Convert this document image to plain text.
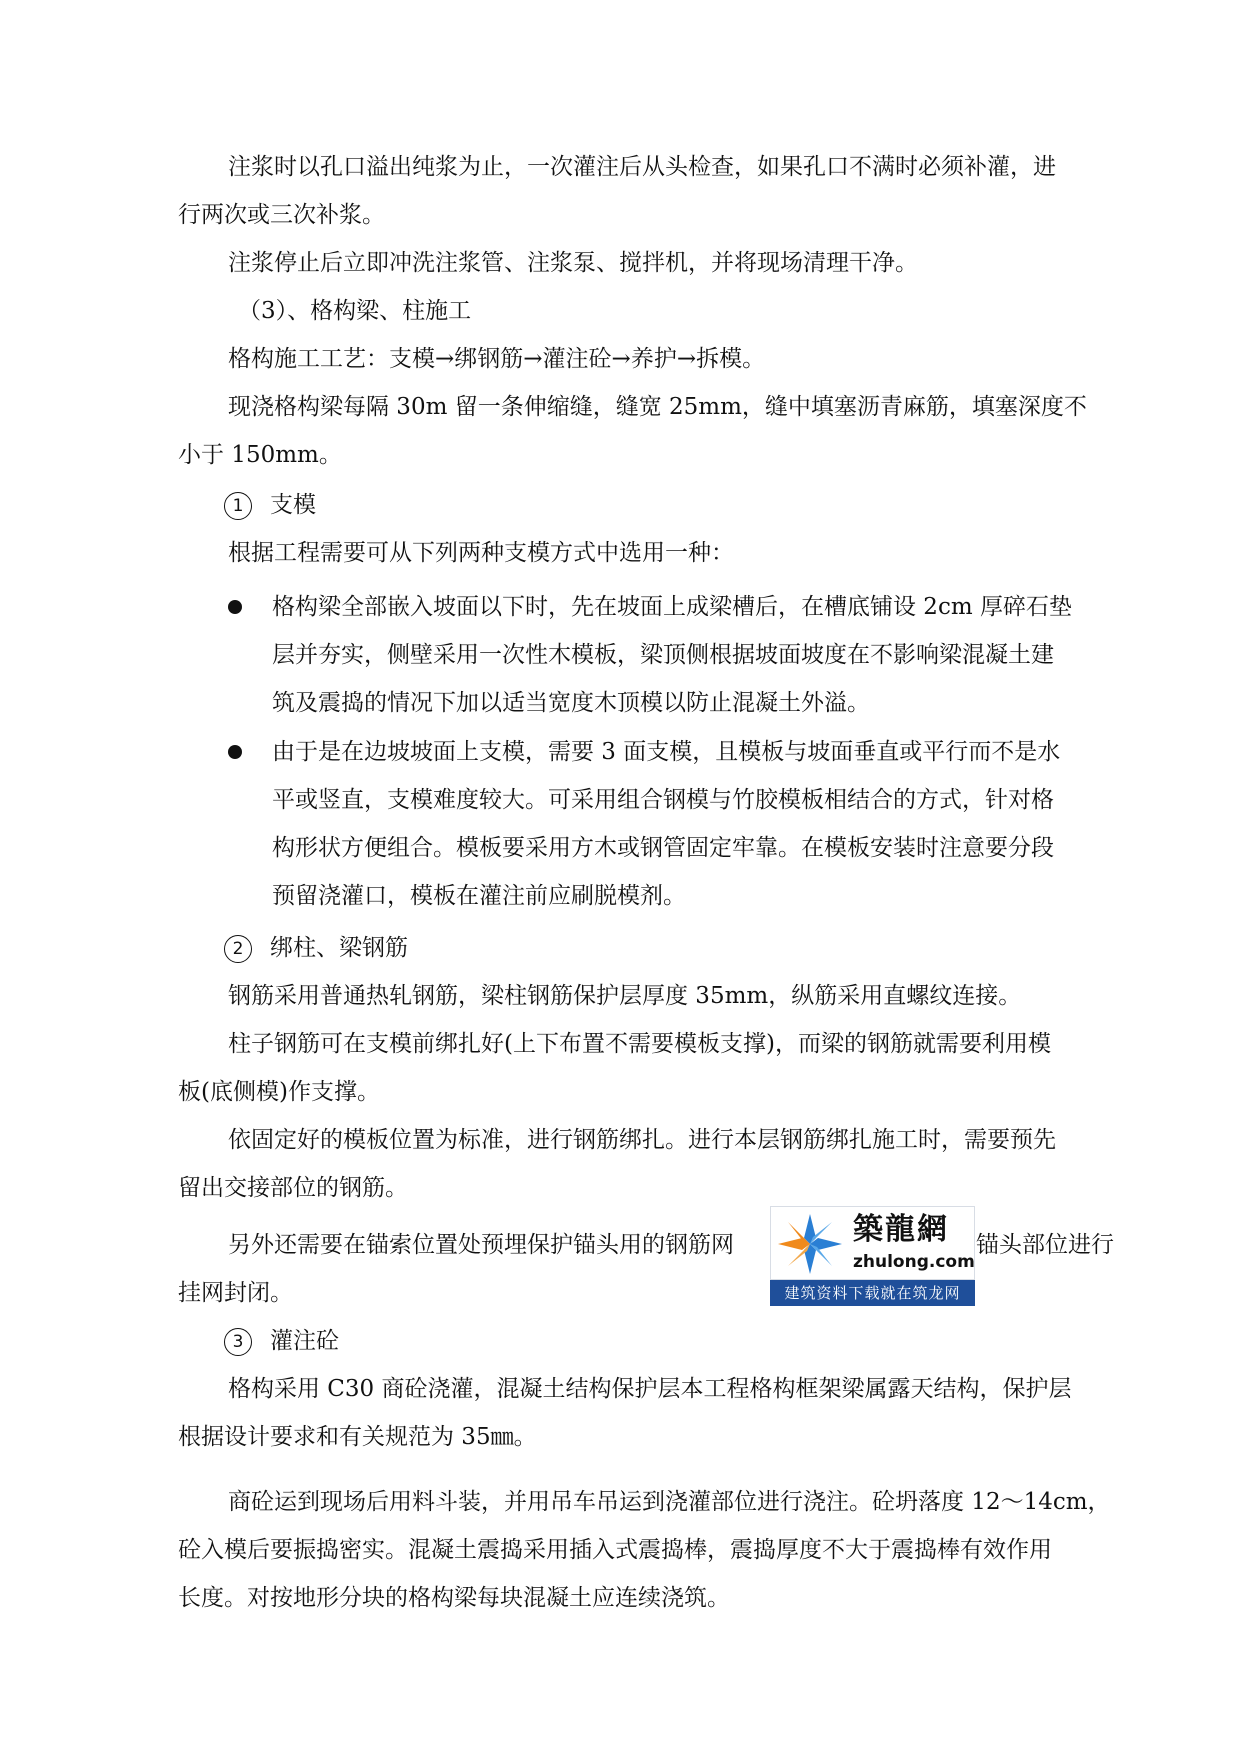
注浆时以孔口溢出纯浆为止，一次灌注后从头检查，如果孔口不满时必须补灌，进
行两次或三次补浆。
注浆停止后立即冲洗注浆管、注浆泵、搅拌机，并将现场清理干净。
（3）、格构梁、柱施工
格构施工工艺：支模→绑钢筋→灌注砼→养护→拆模。
现浇格构梁每隔 30m 留一条伸缩缝，缝宽 25mm，缝中填塞沥青麻筋，填塞深度不
小于 150mm。
1	支模
根据工程需要可从下列两种支模方式中选用一种：
格构梁全部嵌入坡面以下时，先在坡面上成梁槽后，在槽底铺设 2cm 厚碎石垫
层并夯实，侧壁采用一次性木模板，梁顶侧根据坡面坡度在不影响梁混凝土建
筑及震捣的情况下加以适当宽度木顶模以防止混凝土外溢。
由于是在边坡坡面上支模，需要 3 面支模，且模板与坡面垂直或平行而不是水
平或竖直，支模难度较大。可采用组合钢模与竹胶模板相结合的方式，针对格
构形状方便组合。模板要采用方木或钢管固定牢靠。在模板安装时注意要分段
预留浇灌口，模板在灌注前应刷脱模剂。
2	绑柱、梁钢筋
钢筋采用普通热轧钢筋，梁柱钢筋保护层厚度 35mm，纵筋采用直螺纹连接。
柱子钢筋可在支模前绑扎好(上下布置不需要模板支撑)，而梁的钢筋就需要利用模
板(底侧模)作支撑。
依固定好的模板位置为标准，进行钢筋绑扎。进行本层钢筋绑扎施工时，需要预先
留出交接部位的钢筋。
另外还需要在锚索位置处预埋保护锚头用的钢筋网	锚头部位进行
挂网封闭。
3	灌注砼
格构采用 C30 商砼浇灌，混凝土结构保护层本工程格构框架梁属露天结构，保护层
根据设计要求和有关规范为 35㎜。
商砼运到现场后用料斗装，并用吊车吊运到浇灌部位进行浇注。砼坍落度 12～14cm，
砼入模后要振捣密实。混凝土震捣采用插入式震捣棒，震捣厚度不大于震捣棒有效作用
长度。对按地形分块的格构梁每块混凝土应连续浇筑。
築龍網
zhulong.com
建筑资料下载就在筑龙网
